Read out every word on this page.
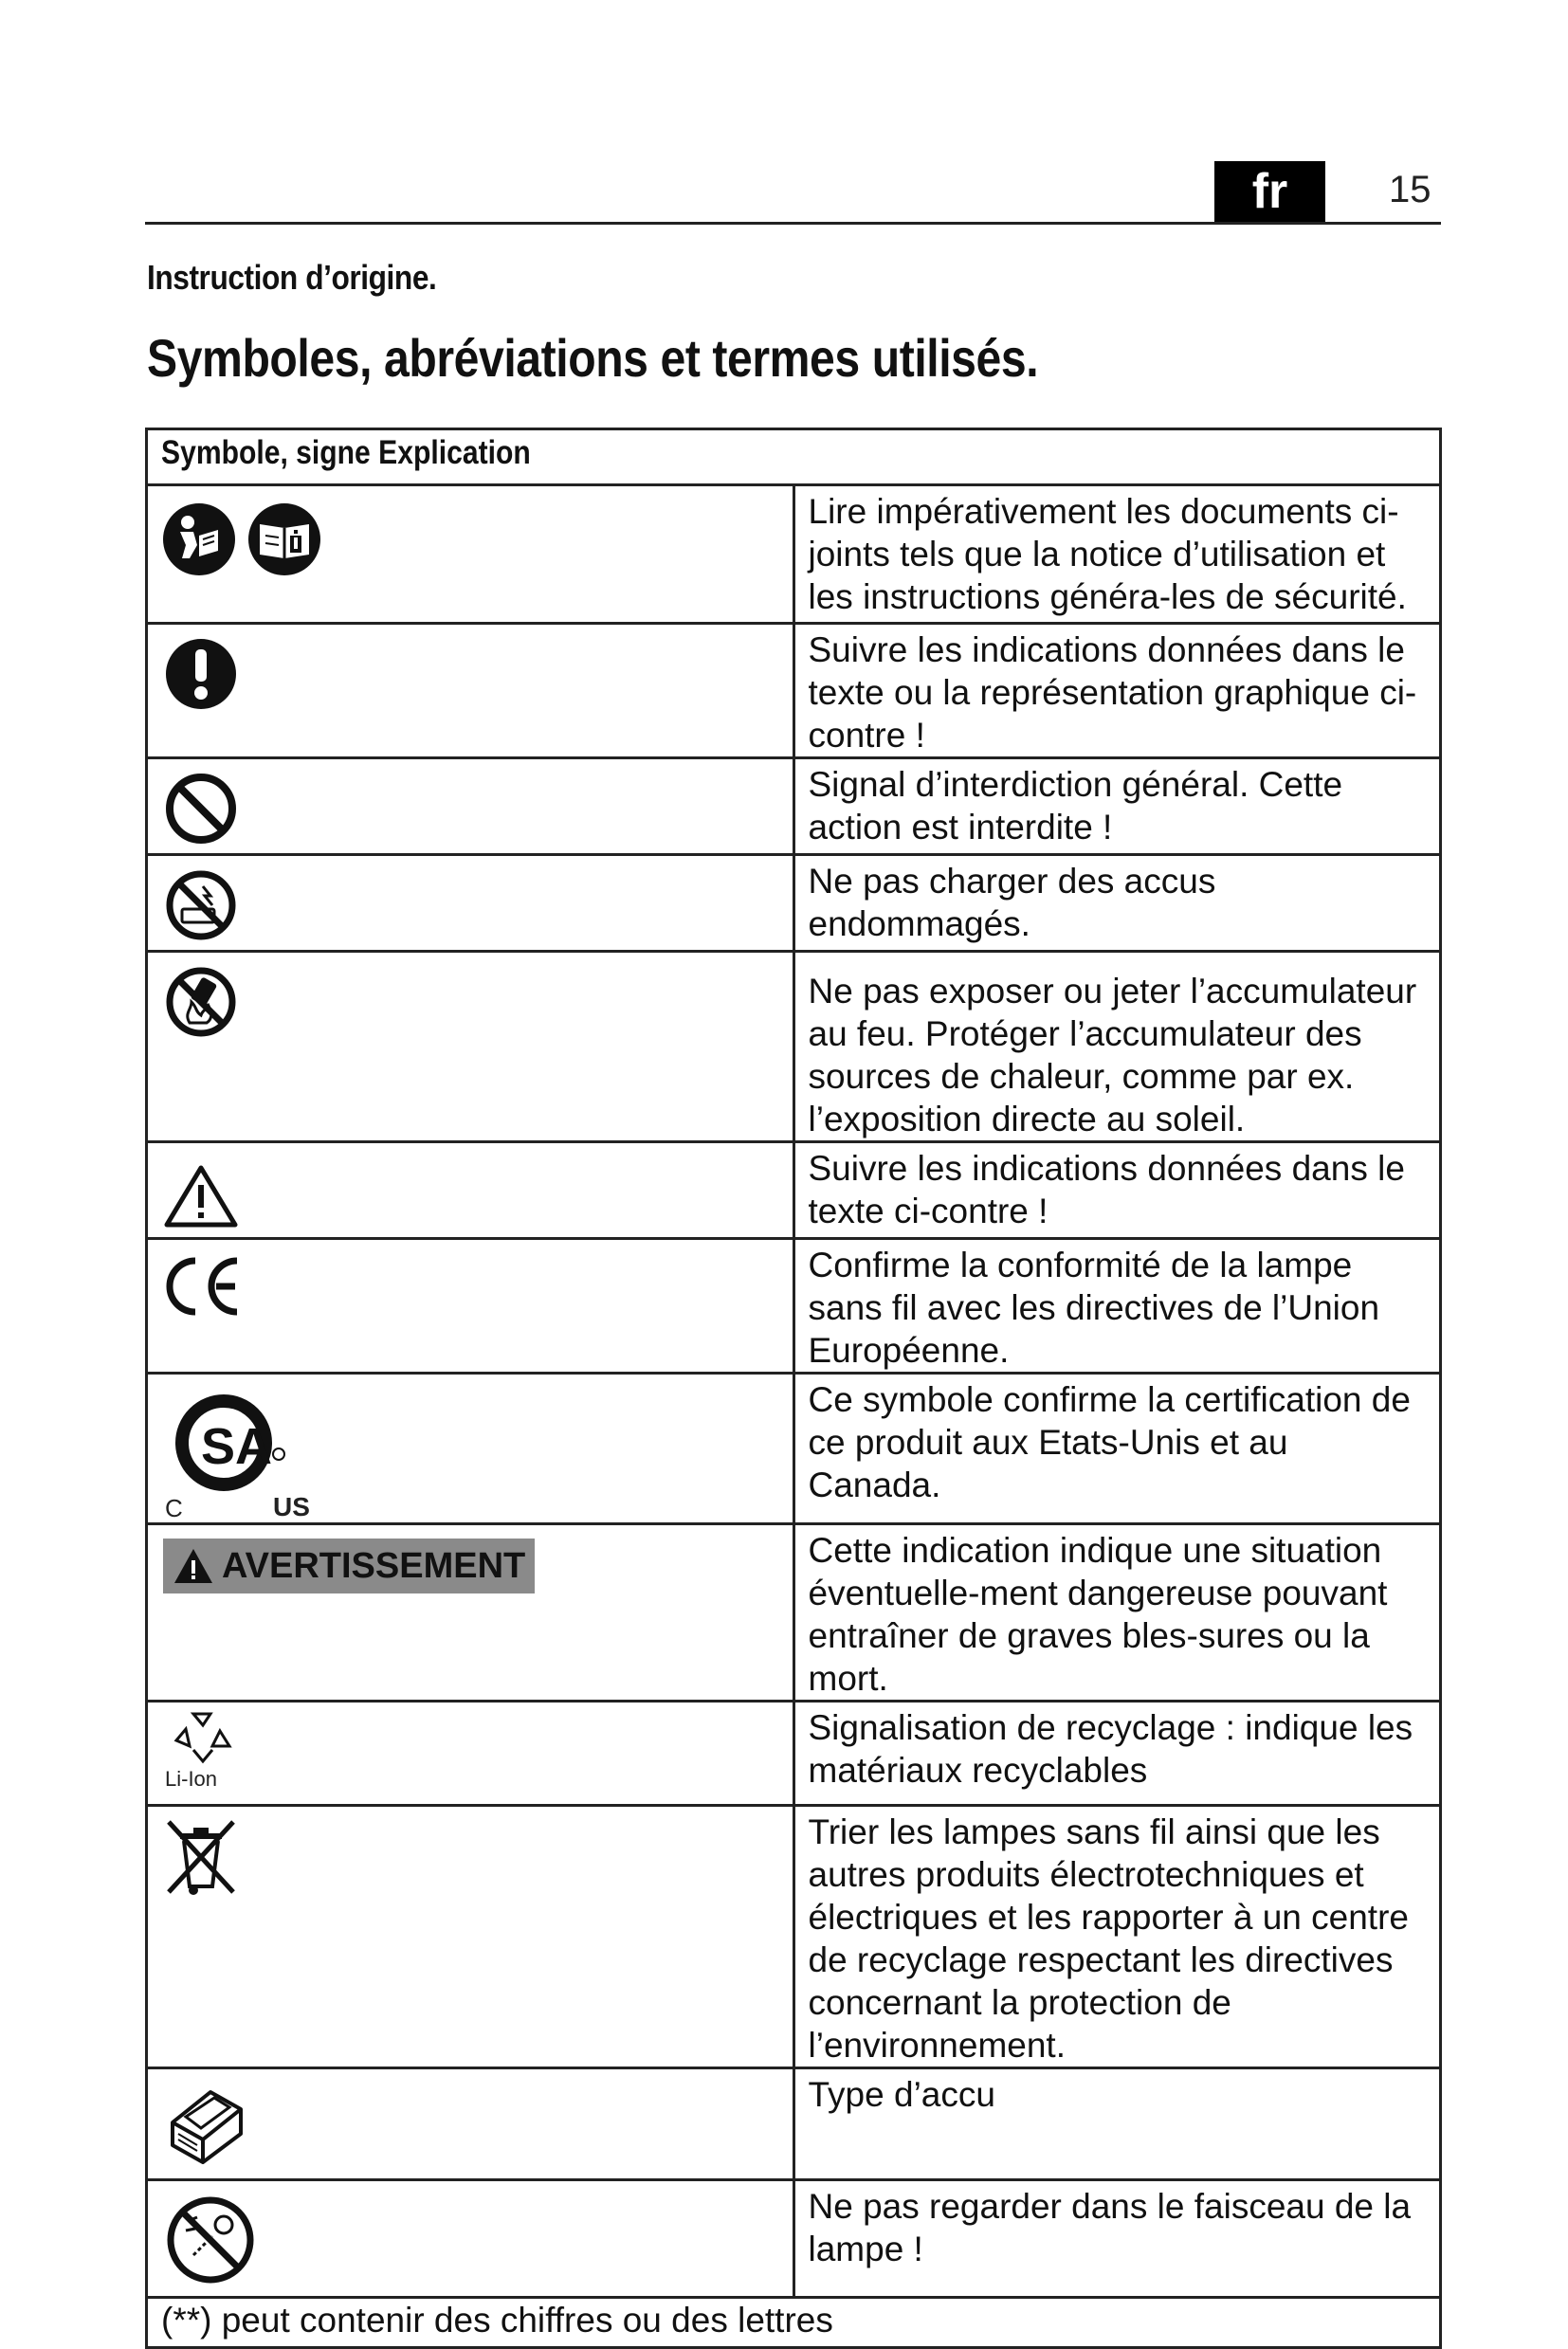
fr	15
Instruction d’origine.
Symboles, abréviations et termes utilisés.
Symbole, signe Explication	

	Lire impérativement les documents ci-joints tels que la notice d’utilisation et les instructions généra-les de sécurité.

	Suivre les indications données dans le texte ou la représentation graphique ci-contre !

	Signal d’interdiction général. Cette action est interdite !

	Ne pas charger des accus endommagés.

	Ne pas exposer ou jeter l’accumulateur au feu. Protéger l’accumulateur des sources de chaleur, comme par ex. l’exposition directe au soleil.

	Suivre les indications données dans le texte ci-contre !

	Confirme la conformité de la lampe sans fil avec les directives de l’Union Européenne.

SA
C US	Ce symbole confirme la certification de ce produit aux Etats-Unis et au Canada.

AVERTISSEMENT	Cette indication indique une situation éventuelle-ment dangereuse pouvant entraîner de graves bles-sures ou la mort.

Li-Ion	Signalisation de recyclage : indique les matériaux recyclables

	Trier les lampes sans fil ainsi que les autres produits électrotechniques et électriques et les rapporter à un centre de recyclage respectant les directives concernant la protection de l’environnement.

	Type d’accu

	Ne pas regarder dans le faisceau de la lampe !
(**) peut contenir des chiffres ou des lettres	
